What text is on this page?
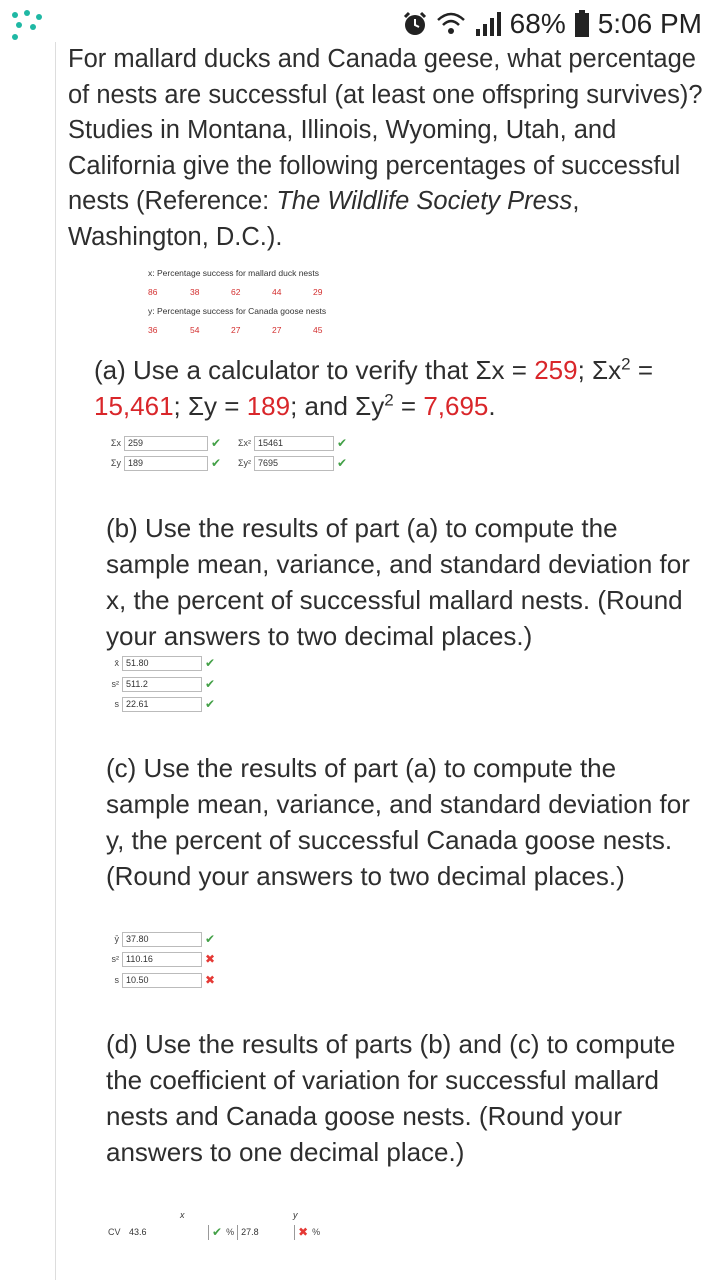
68% 5:06 PM
For mallard ducks and Canada geese, what percentage of nests are successful (at least one offspring survives)? Studies in Montana, Illinois, Wyoming, Utah, and California give the following percentages of successful nests (Reference: The Wildlife Society Press, Washington, D.C.).
x: Percentage success for mallard duck nests
86	38	62	44	29
y: Percentage success for Canada goose nests
36	54	27	27	45
(a) Use a calculator to verify that Σx = 259; $\Sigma x^2 = 15,461$; Σy = 189; and $\Sigma y^2 = 7,695$.
Σx 259	✔	Σx² 15461	✔
Σy 189	✔	Σy² 7695	✔
(b) Use the results of part (a) to compute the sample mean, variance, and standard deviation for x, the percent of successful mallard nests. (Round your answers to two decimal places.)
x̄ 51.80	✔
s² 511.2	✔
s 22.61	✔
(c) Use the results of part (a) to compute the sample mean, variance, and standard deviation for y, the percent of successful Canada goose nests. (Round your answers to two decimal places.)
ȳ 37.80	✔
s² 110.16	✖
s 10.50	✖
(d) Use the results of parts (b) and (c) to compute the coefficient of variation for successful mallard nests and Canada goose nests. (Round your answers to one decimal place.)
x	y
CV 43.6	✔ % 27.8	✖ %
